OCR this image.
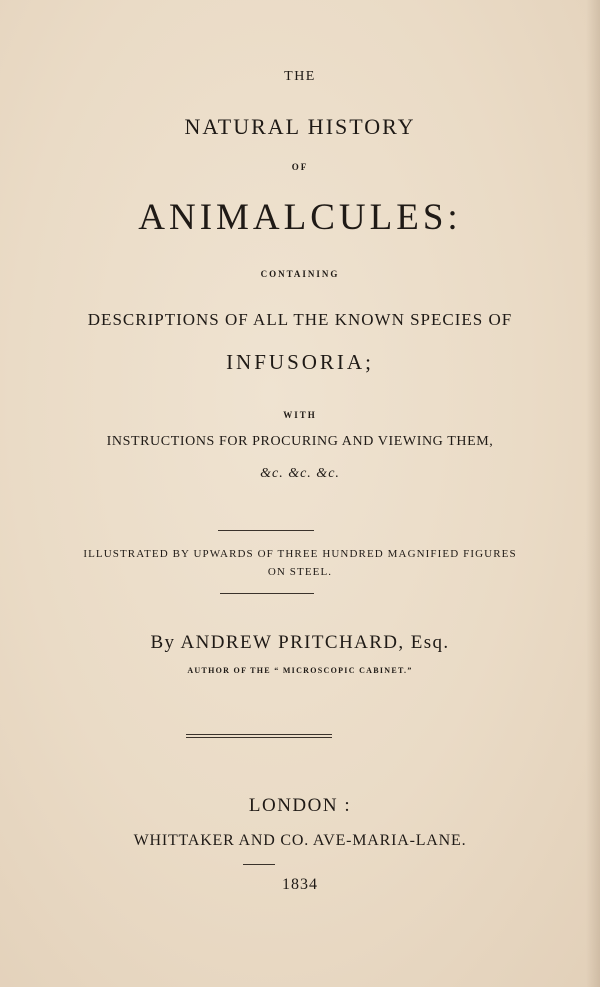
THE
NATURAL HISTORY
OF
ANIMALCULES:
CONTAINING
DESCRIPTIONS OF ALL THE KNOWN SPECIES OF
INFUSORIA;
WITH
INSTRUCTIONS FOR PROCURING AND VIEWING THEM,
&c. &c. &c.
ILLUSTRATED BY UPWARDS OF THREE HUNDRED MAGNIFIED FIGURES
ON STEEL.
By ANDREW PRITCHARD, Esq.
AUTHOR OF THE “ MICROSCOPIC CABINET.”
LONDON :
WHITTAKER AND CO. AVE-MARIA-LANE.
1834
